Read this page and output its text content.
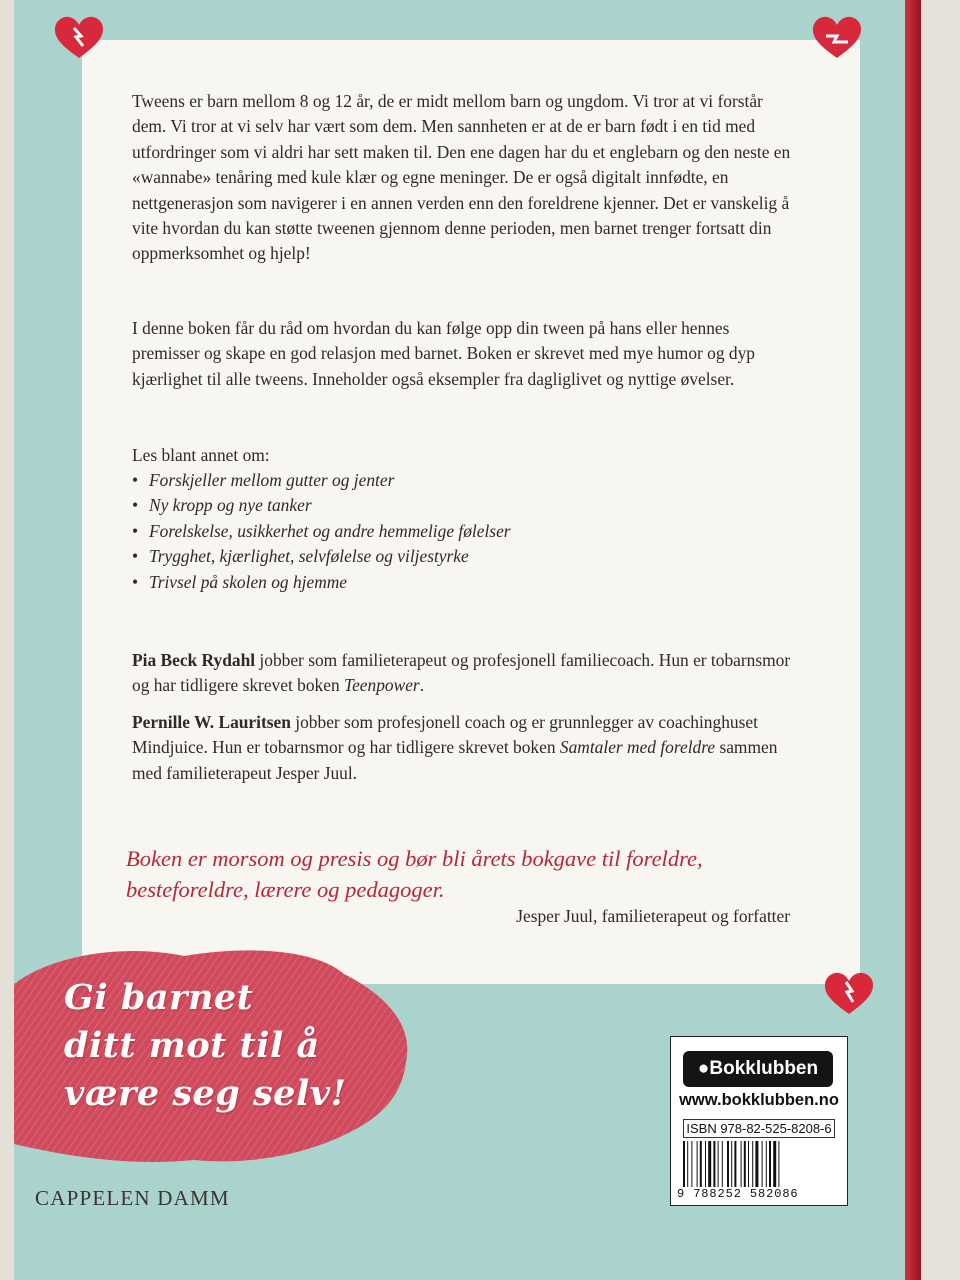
Tweens er barn mellom 8 og 12 år, de er midt mellom barn og ungdom. Vi tror at vi forstår dem. Vi tror at vi selv har vært som dem. Men sannheten er at de er barn født i en tid med utfordringer som vi aldri har sett maken til. Den ene dagen har du et englebarn og den neste en «wannabe» tenåring med kule klær og egne meninger. De er også digitalt innfødte, en nettgenerasjon som navigerer i en annen verden enn den foreldrene kjenner. Det er vanskelig å vite hvordan du kan støtte tweenen gjennom denne perioden, men barnet trenger fortsatt din oppmerksomhet og hjelp!

I denne boken får du råd om hvordan du kan følge opp din tween på hans eller hennes premisser og skape en god relasjon med barnet. Boken er skrevet med mye humor og dyp kjærlighet til alle tweens. Inneholder også eksempler fra dagliglivet og nyttige øvelser.

Les blant annet om:
• Forskjeller mellom gutter og jenter
• Ny kropp og nye tanker
• Forelskelse, usikkerhet og andre hemmelige følelser
• Trygghet, kjærlighet, selvfølelse og viljestyrke
• Trivsel på skolen og hjemme
Pia Beck Rydahl jobber som familieterapeut og profesjonell familiecoach. Hun er tobarnsmor og har tidligere skrevet boken Teenpower.
Pernille W. Lauritsen jobber som profesjonell coach og er grunnlegger av coachinghuset Mindjuice. Hun er tobarnsmor og har tidligere skrevet boken Samtaler med foreldre sammen med familieterapeut Jesper Juul.
Boken er morsom og presis og bør bli årets bokgave til foreldre,
besteforeldre, lærere og pedagoger.
Jesper Juul, familieterapeut og forfatter
Gi barnet
ditt mot til å
være seg selv!
CAPPELEN DAMM
●Bokklubben
www.bokklubben.no
ISBN 978-82-525-8208-6
9 788252 582086
